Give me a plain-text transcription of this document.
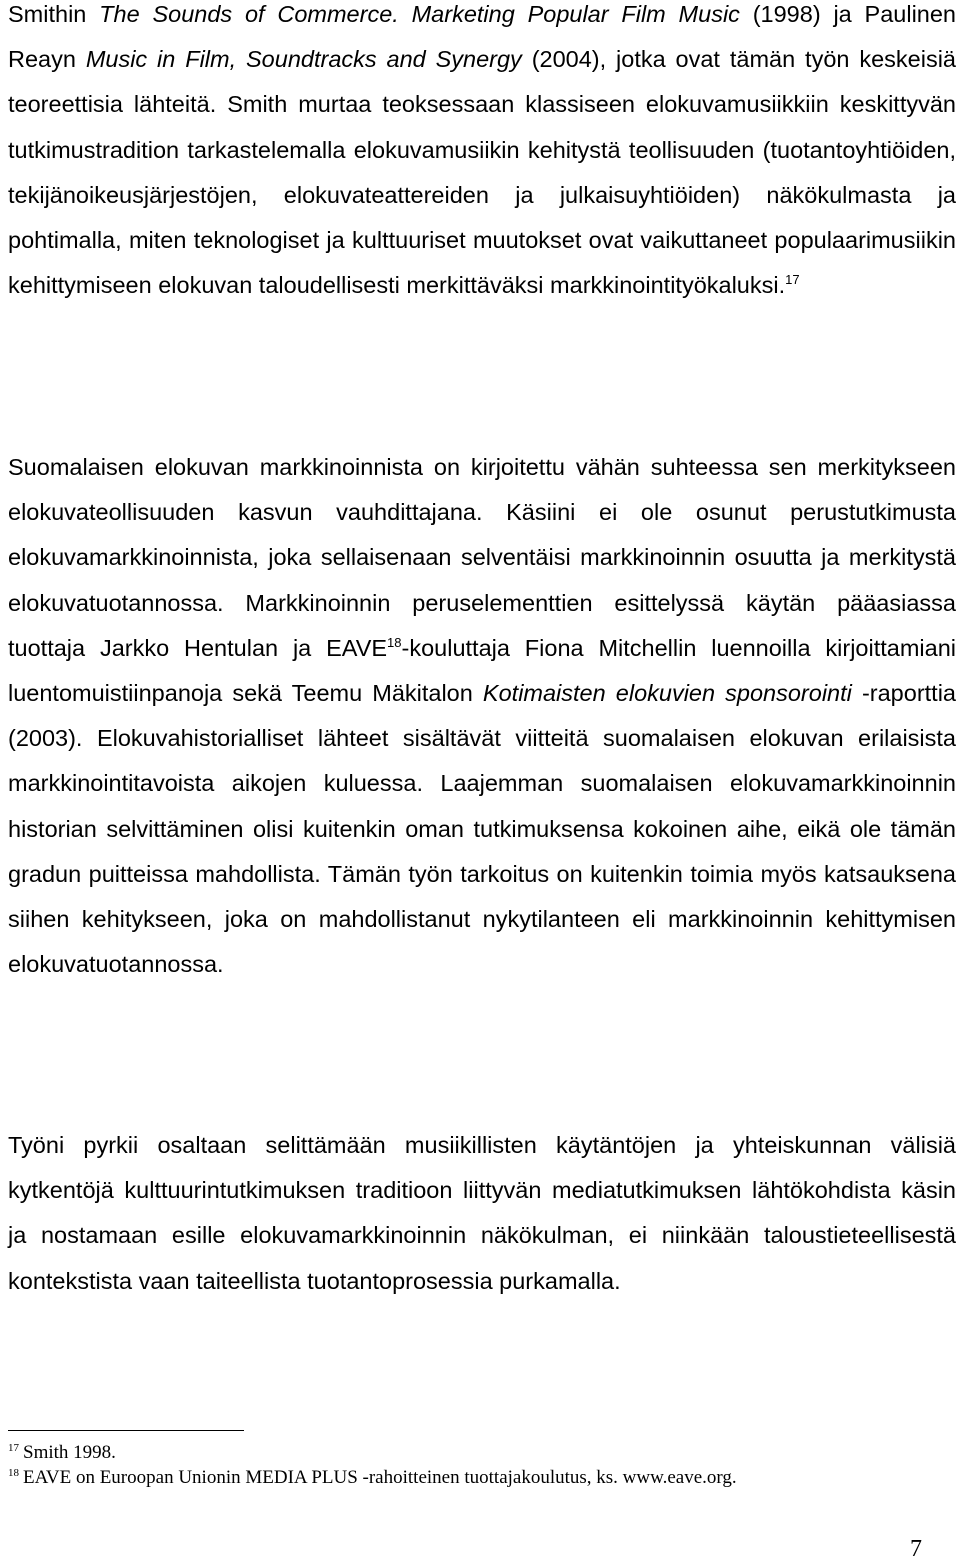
Smithin The Sounds of Commerce. Marketing Popular Film Music (1998) ja Paulinen Reayn Music in Film, Soundtracks and Synergy (2004), jotka ovat tämän työn keskeisiä teoreettisia lähteitä. Smith murtaa teoksessaan klassiseen elokuvamusiikkiin keskittyvän tutkimustradition tarkastelemalla elokuvamusiikin kehitystä teollisuuden (tuotantoyhtiöiden, tekijänoikeusjärjestöjen, elokuvateattereiden ja julkaisuyhtiöiden) näkökulmasta ja pohtimalla, miten teknologiset ja kulttuuriset muutokset ovat vaikuttaneet populaarimusiikin kehittymiseen elokuvan taloudellisesti merkittäväksi markkinointityökaluksi.$^{17}$

Suomalaisen elokuvan markkinoinnista on kirjoitettu vähän suhteessa sen merkitykseen elokuvateollisuuden kasvun vauhdittajana. Käsiini ei ole osunut perustutkimusta elokuvamarkkinoinnista, joka sellaisenaan selventäisi markkinoinnin osuutta ja merkitystä elokuvatuotannossa. Markkinoinnin peruselementtien esittelyssä käytän pääasiassa tuottaja Jarkko Hentulan ja EAVE$^{18}$-kouluttaja Fiona Mitchellin luennoilla kirjoittamiani luentomuistiinpanoja sekä Teemu Mäkitalon Kotimaisten elokuvien sponsorointi -raporttia (2003). Elokuvahistorialliset lähteet sisältävät viitteitä suomalaisen elokuvan erilaisista markkinointitavoista aikojen kuluessa. Laajemman suomalaisen elokuvamarkkinoinnin historian selvittäminen olisi kuitenkin oman tutkimuksensa kokoinen aihe, eikä ole tämän gradun puitteissa mahdollista. Tämän työn tarkoitus on kuitenkin toimia myös katsauksena siihen kehitykseen, joka on mahdollistanut nykytilanteen eli markkinoinnin kehittymisen elokuvatuotannossa.

Työni pyrkii osaltaan selittämään musiikillisten käytäntöjen ja yhteiskunnan välisiä kytkentöjä kulttuurintutkimuksen traditioon liittyvän mediatutkimuksen lähtökohdista käsin ja nostamaan esille elokuvamarkkinoinnin näkökulman, ei niinkään taloustieteellisestä kontekstista vaan taiteellista tuotantoprosessia purkamalla.

$^{17}$ Smith 1998.

$^{18}$ EAVE on Euroopan Unionin MEDIA PLUS -rahoitteinen tuottajakoulutus, ks. www.eave.org.

7
